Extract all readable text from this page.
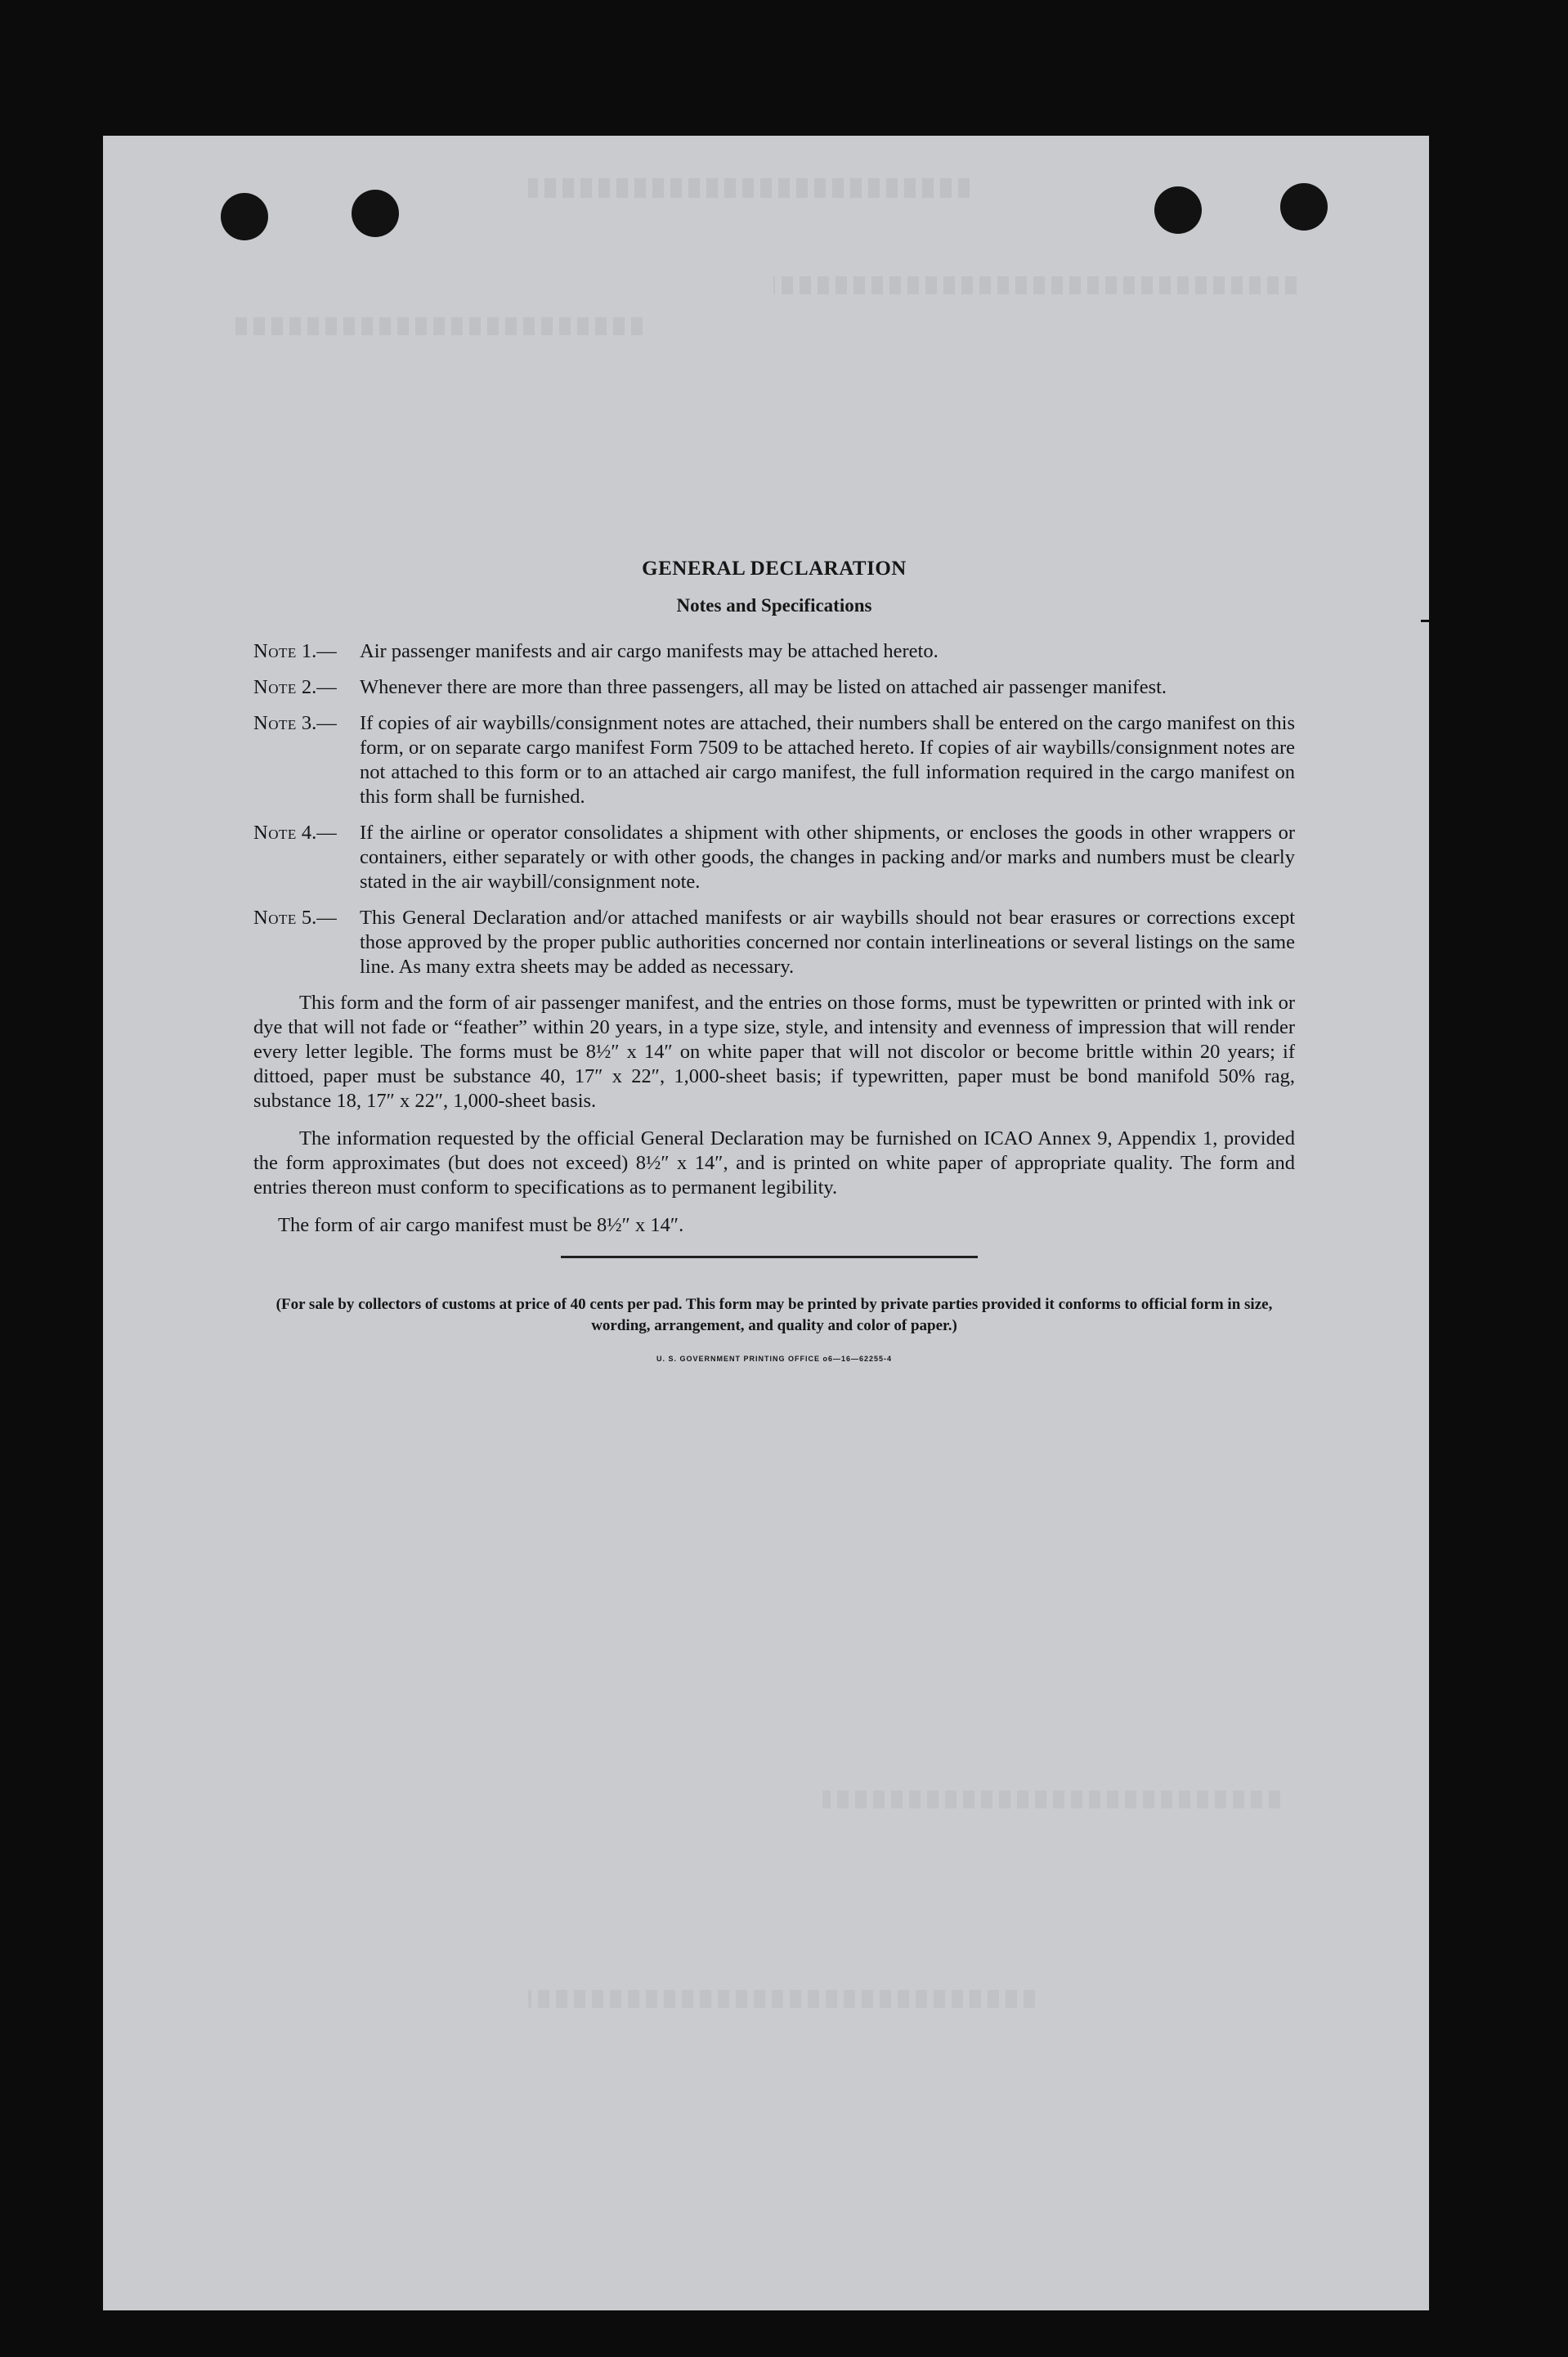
GENERAL DECLARATION
Notes and Specifications
Note 1.—	Air passenger manifests and air cargo manifests may be attached hereto.
Note 2.—	Whenever there are more than three passengers, all may be listed on attached air passenger manifest.
Note 3.—	If copies of air waybills/consignment notes are attached, their numbers shall be entered on the cargo manifest on this form, or on separate cargo manifest Form 7509 to be attached hereto. If copies of air waybills/consignment notes are not attached to this form or to an attached air cargo manifest, the full information required in the cargo manifest on this form shall be furnished.
Note 4.—	If the airline or operator consolidates a shipment with other shipments, or encloses the goods in other wrappers or containers, either separately or with other goods, the changes in packing and/or marks and numbers must be clearly stated in the air waybill/consignment note.
Note 5.—	This General Declaration and/or attached manifests or air waybills should not bear erasures or corrections except those approved by the proper public authorities concerned nor contain interlineations or several listings on the same line. As many extra sheets may be added as necessary.
This form and the form of air passenger manifest, and the entries on those forms, must be typewritten or printed with ink or dye that will not fade or “feather” within 20 years, in a type size, style, and intensity and evenness of impression that will render every letter legible. The forms must be 8½″ x 14″ on white paper that will not discolor or become brittle within 20 years; if dittoed, paper must be substance 40, 17″ x 22″, 1,000-sheet basis; if typewritten, paper must be bond manifold 50% rag, substance 18, 17″ x 22″, 1,000-sheet basis.
The information requested by the official General Declaration may be furnished on ICAO Annex 9, Appendix 1, provided the form approximates (but does not exceed) 8½″ x 14″, and is printed on white paper of appropriate quality. The form and entries thereon must conform to specifications as to permanent legibility.
The form of air cargo manifest must be 8½″ x 14″.
(For sale by collectors of customs at price of 40 cents per pad. This form may be printed by private parties provided it conforms to official form in size, wording, arrangement, and quality and color of paper.)
U. S. GOVERNMENT PRINTING OFFICE o6—16—62255-4
